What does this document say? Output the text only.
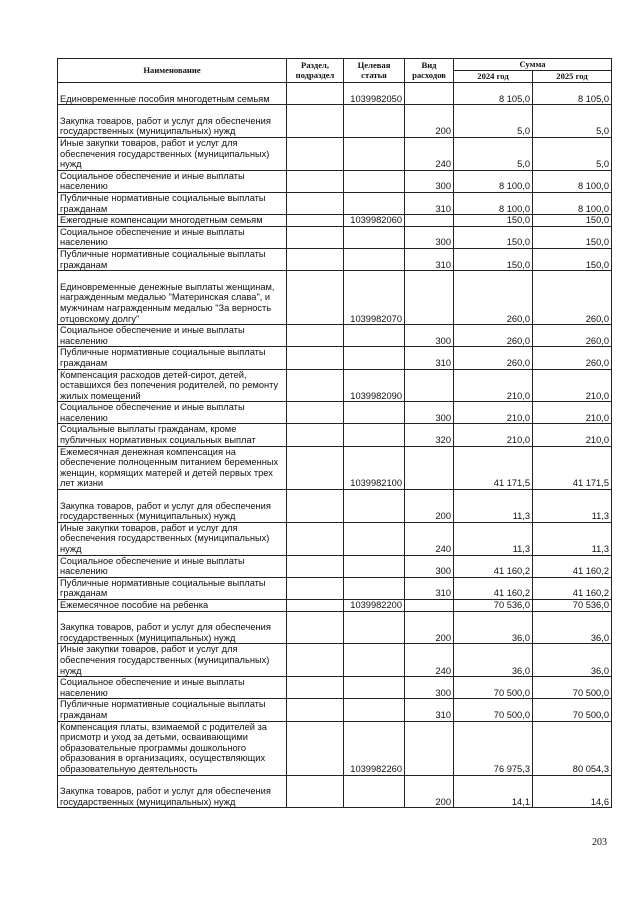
Наименование	Раздел, подраздел	Целевая статья	Вид расходов	Сумма	
				2024 год	2025 год
Единовременные пособия многодетным семьям		1039982050		8 105,0	8 105,0
Закупка товаров, работ и услуг для обеспечения государственных (муниципальных) нужд			200	5,0	5,0
Иные закупки товаров, работ и услуг для обеспечения государственных (муниципальных) нужд			240	5,0	5,0
Социальное обеспечение и иные выплаты населению			300	8 100,0	8 100,0
Публичные нормативные социальные выплаты гражданам			310	8 100,0	8 100,0
Ежегодные компенсации многодетным семьям		1039982060		150,0	150,0
Социальное обеспечение и иные выплаты населению			300	150,0	150,0
Публичные нормативные социальные выплаты гражданам			310	150,0	150,0
Единовременные денежные выплаты женщинам, награжденным медалью "Материнская слава", и мужчинам награжденным медалью "За верность отцовскому долгу"		1039982070		260,0	260,0
Социальное обеспечение и иные выплаты населению			300	260,0	260,0
Публичные нормативные социальные выплаты гражданам			310	260,0	260,0
Компенсация расходов детей-сирот, детей, оставшихся без попечения родителей, по ремонту жилых помещений		1039982090		210,0	210,0
Социальное обеспечение и иные выплаты населению			300	210,0	210,0
Социальные выплаты гражданам, кроме публичных нормативных социальных выплат			320	210,0	210,0
Ежемесячная денежная компенсация на обеспечение полноценным питанием беременных женщин, кормящих матерей и детей первых трех лет жизни		1039982100		41 171,5	41 171,5
Закупка товаров, работ и услуг для обеспечения государственных (муниципальных) нужд			200	11,3	11,3
Иные закупки товаров, работ и услуг для обеспечения государственных (муниципальных) нужд			240	11,3	11,3
Социальное обеспечение и иные выплаты населению			300	41 160,2	41 160,2
Публичные нормативные социальные выплаты гражданам			310	41 160,2	41 160,2
Ежемесячное пособие на ребенка		1039982200		70 536,0	70 536,0
Закупка товаров, работ и услуг для обеспечения государственных (муниципальных) нужд			200	36,0	36,0
Иные закупки товаров, работ и услуг для обеспечения государственных (муниципальных) нужд			240	36,0	36,0
Социальное обеспечение и иные выплаты населению			300	70 500,0	70 500,0
Публичные нормативные социальные выплаты гражданам			310	70 500,0	70 500,0
Компенсация платы, взимаемой с родителей за присмотр и уход за детьми, осваивающими образовательные программы дошкольного образования в организациях, осуществляющих образовательную деятельность		1039982260		76 975,3	80 054,3
Закупка товаров, работ и услуг для обеспечения государственных (муниципальных) нужд			200	14,1	14,6
203
